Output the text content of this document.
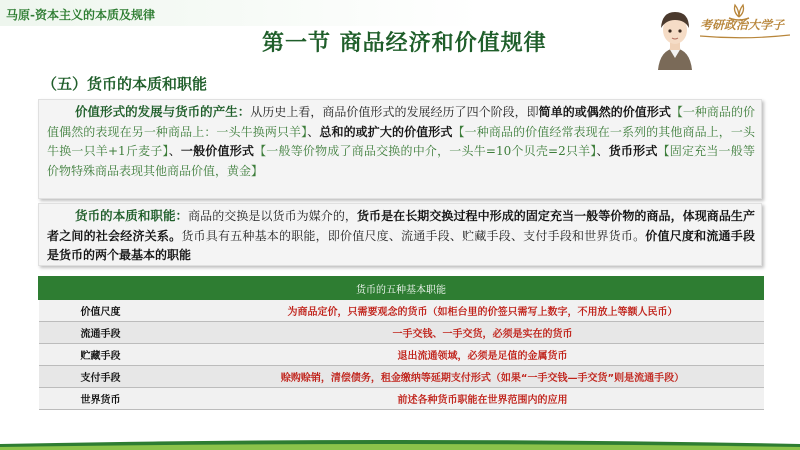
马原-资本主义的本质及规律
第一节 商品经济和价值规律
考研政治大学子
（五）货币的本质和职能
价值形式的发展与货币的产生：从历史上看，商品价值形式的发展经历了四个阶段，即简单的或偶然的价值形式【一种商品的价值偶然的表现在另一种商品上：一头牛换两只羊】、总和的或扩大的价值形式【一种商品的价值经常表现在一系列的其他商品上，一头牛换一只羊+1斤麦子】、一般价值形式【一般等价物成了商品交换的中介，一头牛=10个贝壳=2只羊】、货币形式【固定充当一般等价物特殊商品表现其他商品价值，黄金】
货币的本质和职能：商品的交换是以货币为媒介的，货币是在长期交换过程中形成的固定充当一般等价物的商品，体现商品生产者之间的社会经济关系。货币具有五种基本的职能，即价值尺度、流通手段、贮藏手段、支付手段和世界货币。价值尺度和流通手段是货币的两个最基本的职能
货币的五种基本职能	
价值尺度	为商品定价，只需要观念的货币（如柜台里的价签只需写上数字，不用放上等额人民币）
流通手段	一手交钱、一手交货，必须是实在的货币
贮藏手段	退出流通领域，必须是足值的金属货币
支付手段	赊购赊销，清偿债务，租金缴纳等延期支付形式（如果“一手交钱—手交货”则是流通手段）
世界货币	前述各种货币职能在世界范围内的应用
